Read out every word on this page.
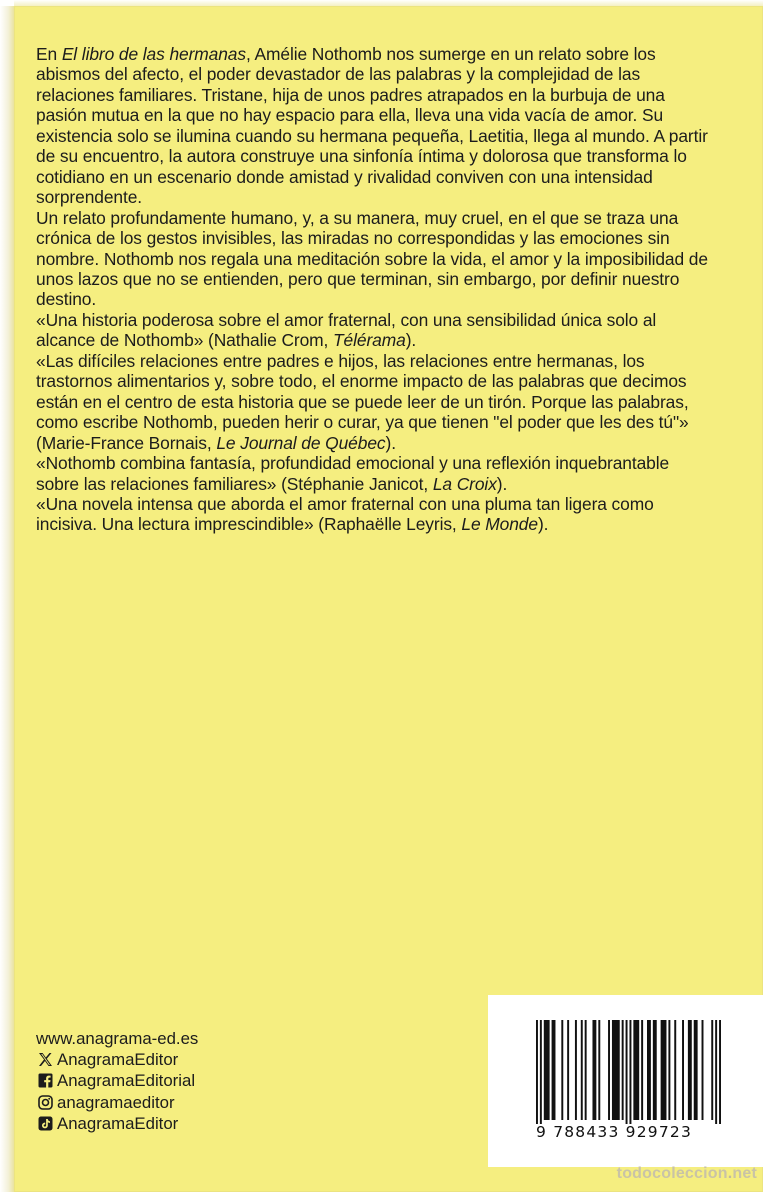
En El libro de las hermanas, Amélie Nothomb nos sumerge en un relato sobre los abismos del afecto, el poder devastador de las palabras y la complejidad de las relaciones familiares. Tristane, hija de unos padres atrapados en la burbuja de una pasión mutua en la que no hay espacio para ella, lleva una vida vacía de amor. Su existencia solo se ilumina cuando su hermana pequeña, Laetitia, llega al mundo. A partir de su encuentro, la autora construye una sinfonía íntima y dolorosa que transforma lo cotidiano en un escenario donde amistad y rivalidad conviven con una intensidad sorprendente.

Un relato profundamente humano, y, a su manera, muy cruel, en el que se traza una crónica de los gestos invisibles, las miradas no correspondidas y las emociones sin nombre. Nothomb nos regala una meditación sobre la vida, el amor y la imposibilidad de unos lazos que no se entienden, pero que terminan, sin embargo, por definir nuestro destino.

«Una historia poderosa sobre el amor fraternal, con una sensibilidad única solo al alcance de Nothomb» (Nathalie Crom, Télérama).

«Las difíciles relaciones entre padres e hijos, las relaciones entre hermanas, los trastornos alimentarios y, sobre todo, el enorme impacto de las palabras que decimos están en el centro de esta historia que se puede leer de un tirón. Porque las palabras, como escribe Nothomb, pueden herir o curar, ya que tienen "el poder que les des tú"» (Marie-France Bornais, Le Journal de Québec).

«Nothomb combina fantasía, profundidad emocional y una reflexión inquebrantable sobre las relaciones familiares» (Stéphanie Janicot, La Croix).

«Una novela intensa que aborda el amor fraternal con una pluma tan ligera como incisiva. Una lectura imprescindible» (Raphaëlle Leyris, Le Monde).

www.anagrama-ed.es
AnagramaEditor
AnagramaEditorial
anagramaeditor
AnagramaEditor	9 788433 929723
todocoleccion.net
